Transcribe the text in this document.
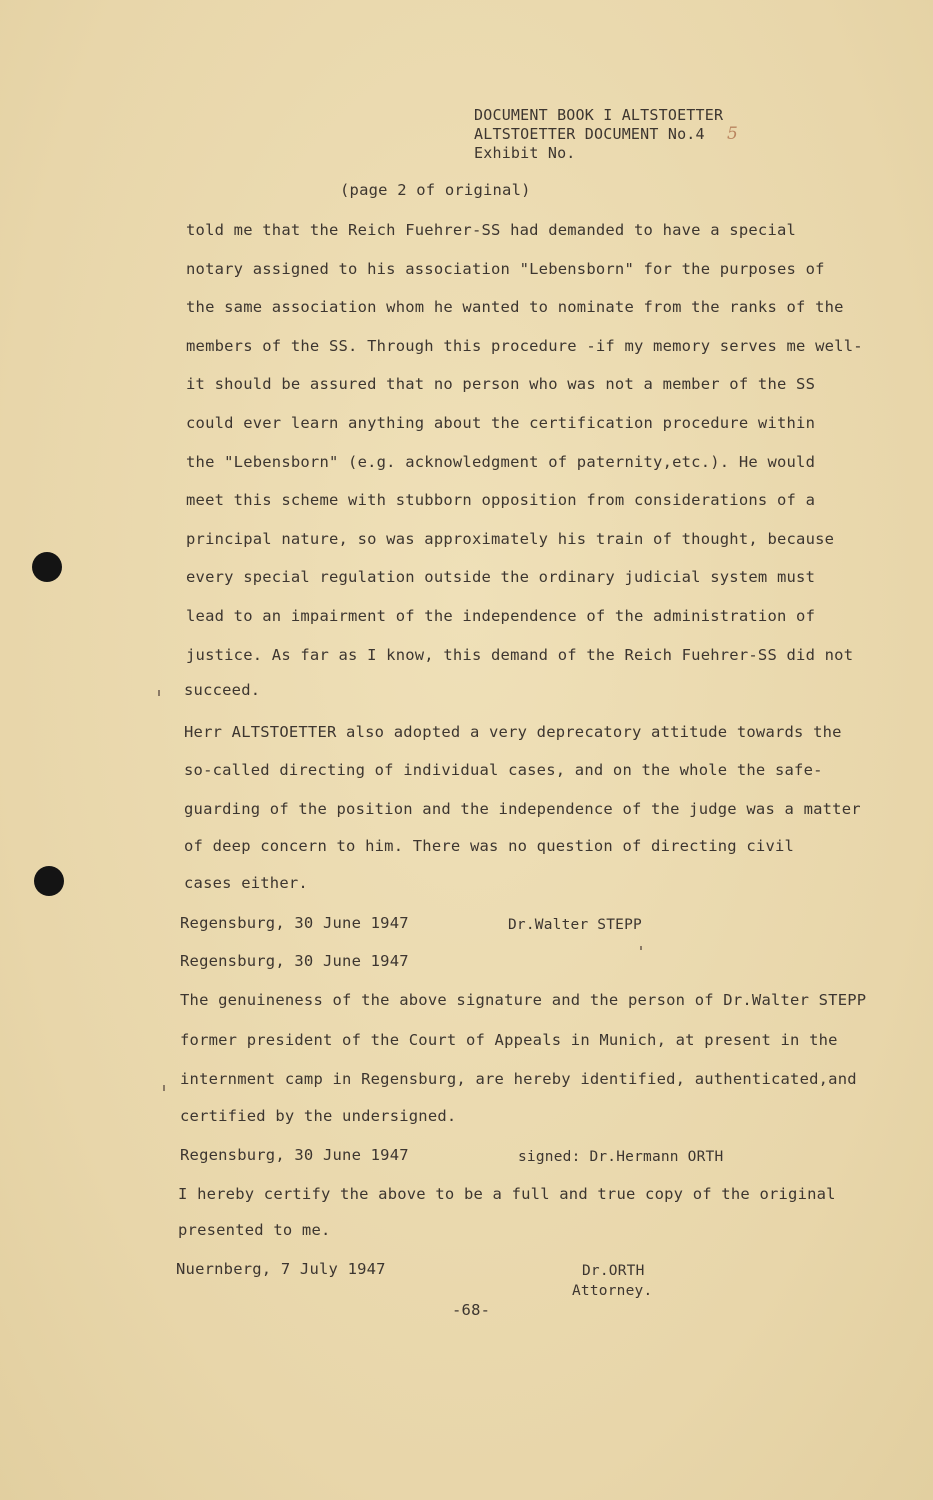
DOCUMENT BOOK I ALTSTOETTER
ALTSTOETTER DOCUMENT No.4 5
Exhibit No.
(page 2 of original)
told me that the Reich Fuehrer-SS had demanded to have a special
notary assigned to his association "Lebensborn" for the purposes of
the same association whom he wanted to nominate from the ranks of the
members of the SS. Through this procedure -if my memory serves me well-
it should be assured that no person who was not a member of the SS
could ever learn anything about the certification procedure within
the "Lebensborn" (e.g. acknowledgment of paternity,etc.). He would
meet this scheme with stubborn opposition from considerations of a
principal nature, so was approximately his train of thought, because
every special regulation outside the ordinary judicial system must
lead to an impairment of the independence of the administration of
justice. As far as I know, this demand of the Reich Fuehrer-SS did not
succeed.
Herr ALTSTOETTER also adopted a very deprecatory attitude towards the
so-called directing of individual cases, and on the whole the safe-
guarding of the position and the independence of the judge was a matter
of deep concern to him. There was no question of directing civil
cases either.
Regensburg, 30 June 1947	Dr.Walter STEPP
Regensburg, 30 June 1947
The genuineness of the above signature and the person of Dr.Walter STEPP
former president of the Court of Appeals in Munich, at present in the
internment camp in Regensburg, are hereby identified, authenticated,and
certified by the undersigned.
Regensburg, 30 June 1947	signed: Dr.Hermann ORTH
I hereby certify the above to be a full and true copy of the original
presented to me.
Nuernberg, 7 July 1947	Dr.ORTH
Attorney.
-68-
